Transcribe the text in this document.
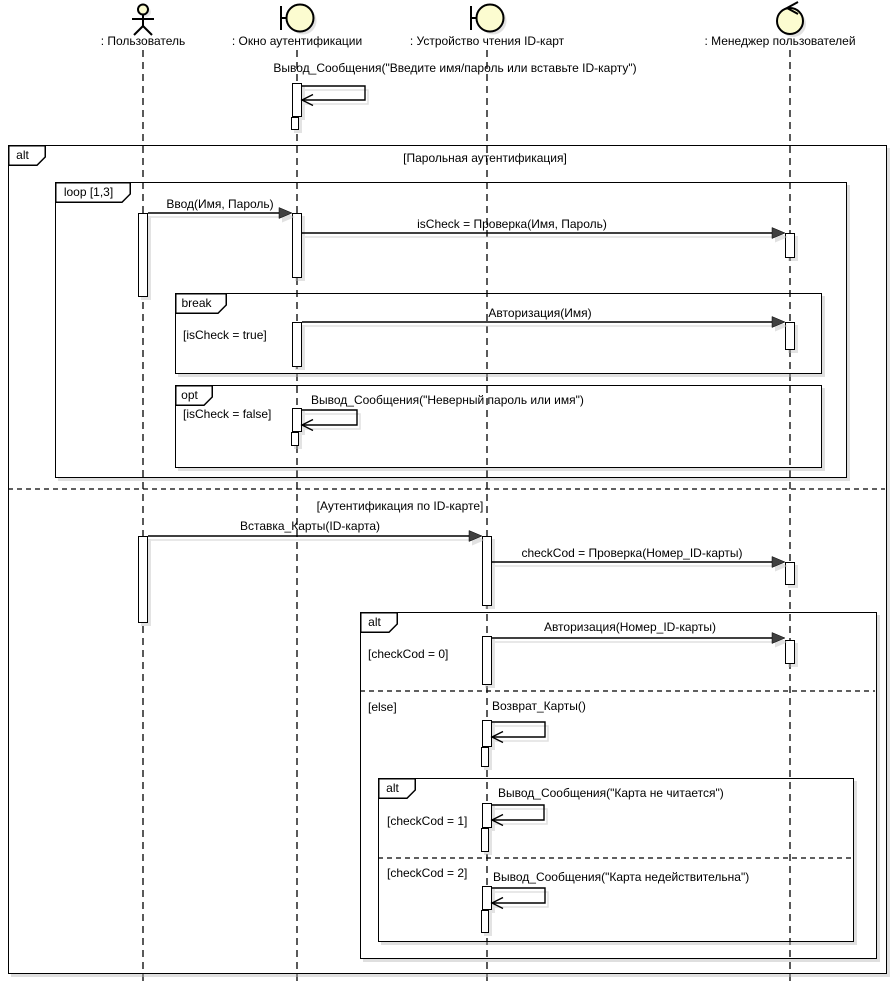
: Пользователь	: Окно аутентификации	: Устройство чтения ID-карт	: Менеджер пользователей
alt
loop [1,3]
break
opt
alt
alt
Вывод_Сообщения("Введите имя/пароль или вставьте ID-карту")
Ввод(Имя, Пароль)
isCheck = Проверка(Имя, Пароль)
Авторизация(Имя)
Вывод_Сообщения("Неверный пароль или имя")
Вставка_Карты(ID-карта)
checkCod = Проверка(Номер_ID-карты)
Авторизация(Номер_ID-карты)
Возврат_Карты()
Вывод_Сообщения("Карта не читается")
Вывод_Сообщения("Карта недействительна")
[Парольная аутентификация]
[Аутентификация по ID-карте]
[isCheck = true]
[isCheck = false]
[checkCod = 0]
[else]
[checkCod = 1]
[checkCod = 2]
